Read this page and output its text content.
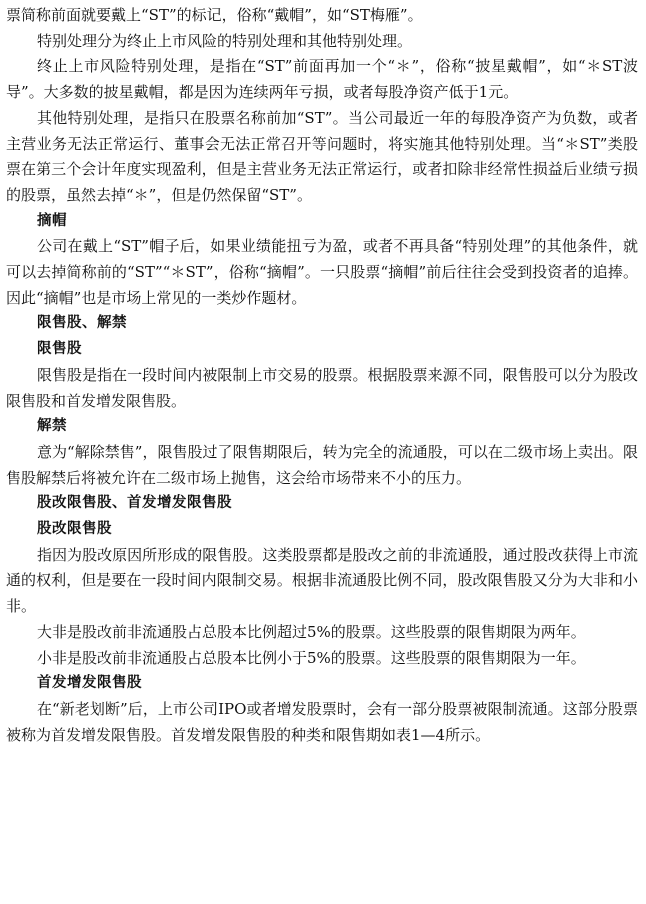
票简称前面就要戴上“ST”的标记，俗称“戴帽”，如“ST梅雁”。

特别处理分为终止上市风险的特别处理和其他特别处理。

终止上市风险特别处理，是指在“ST”前面再加一个“＊”，俗称“披星戴帽”，如“＊ST波导”。大多数的披星戴帽，都是因为连续两年亏损，或者每股净资产低于1元。

其他特别处理，是指只在股票名称前加“ST”。当公司最近一年的每股净资产为负数，或者主营业务无法正常运行、董事会无法正常召开等问题时，将实施其他特别处理。当“＊ST”类股票在第三个会计年度实现盈利，但是主营业务无法正常运行，或者扣除非经常性损益后业绩亏损的股票，虽然去掉“＊”，但是仍然保留“ST”。

摘帽

公司在戴上“ST”帽子后，如果业绩能扭亏为盈，或者不再具备“特别处理”的其他条件，就可以去掉简称前的“ST”“＊ST”，俗称“摘帽”。一只股票“摘帽”前后往往会受到投资者的追捧。因此“摘帽”也是市场上常见的一类炒作题材。

限售股、解禁
限售股

限售股是指在一段时间内被限制上市交易的股票。根据股票来源不同，限售股可以分为股改限售股和首发增发限售股。

解禁

意为“解除禁售”，限售股过了限售期限后，转为完全的流通股，可以在二级市场上卖出。限售股解禁后将被允许在二级市场上抛售，这会给市场带来不小的压力。

股改限售股、首发增发限售股
股改限售股

指因为股改原因所形成的限售股。这类股票都是股改之前的非流通股，通过股改获得上市流通的权利，但是要在一段时间内限制交易。根据非流通股比例不同，股改限售股又分为大非和小非。

大非是股改前非流通股占总股本比例超过5%的股票。这些股票的限售期限为两年。

小非是股改前非流通股占总股本比例小于5%的股票。这些股票的限售期限为一年。

首发增发限售股

在“新老划断”后，上市公司IPO或者增发股票时，会有一部分股票被限制流通。这部分股票被称为首发增发限售股。首发增发限售股的种类和限售期如表1—4所示。
